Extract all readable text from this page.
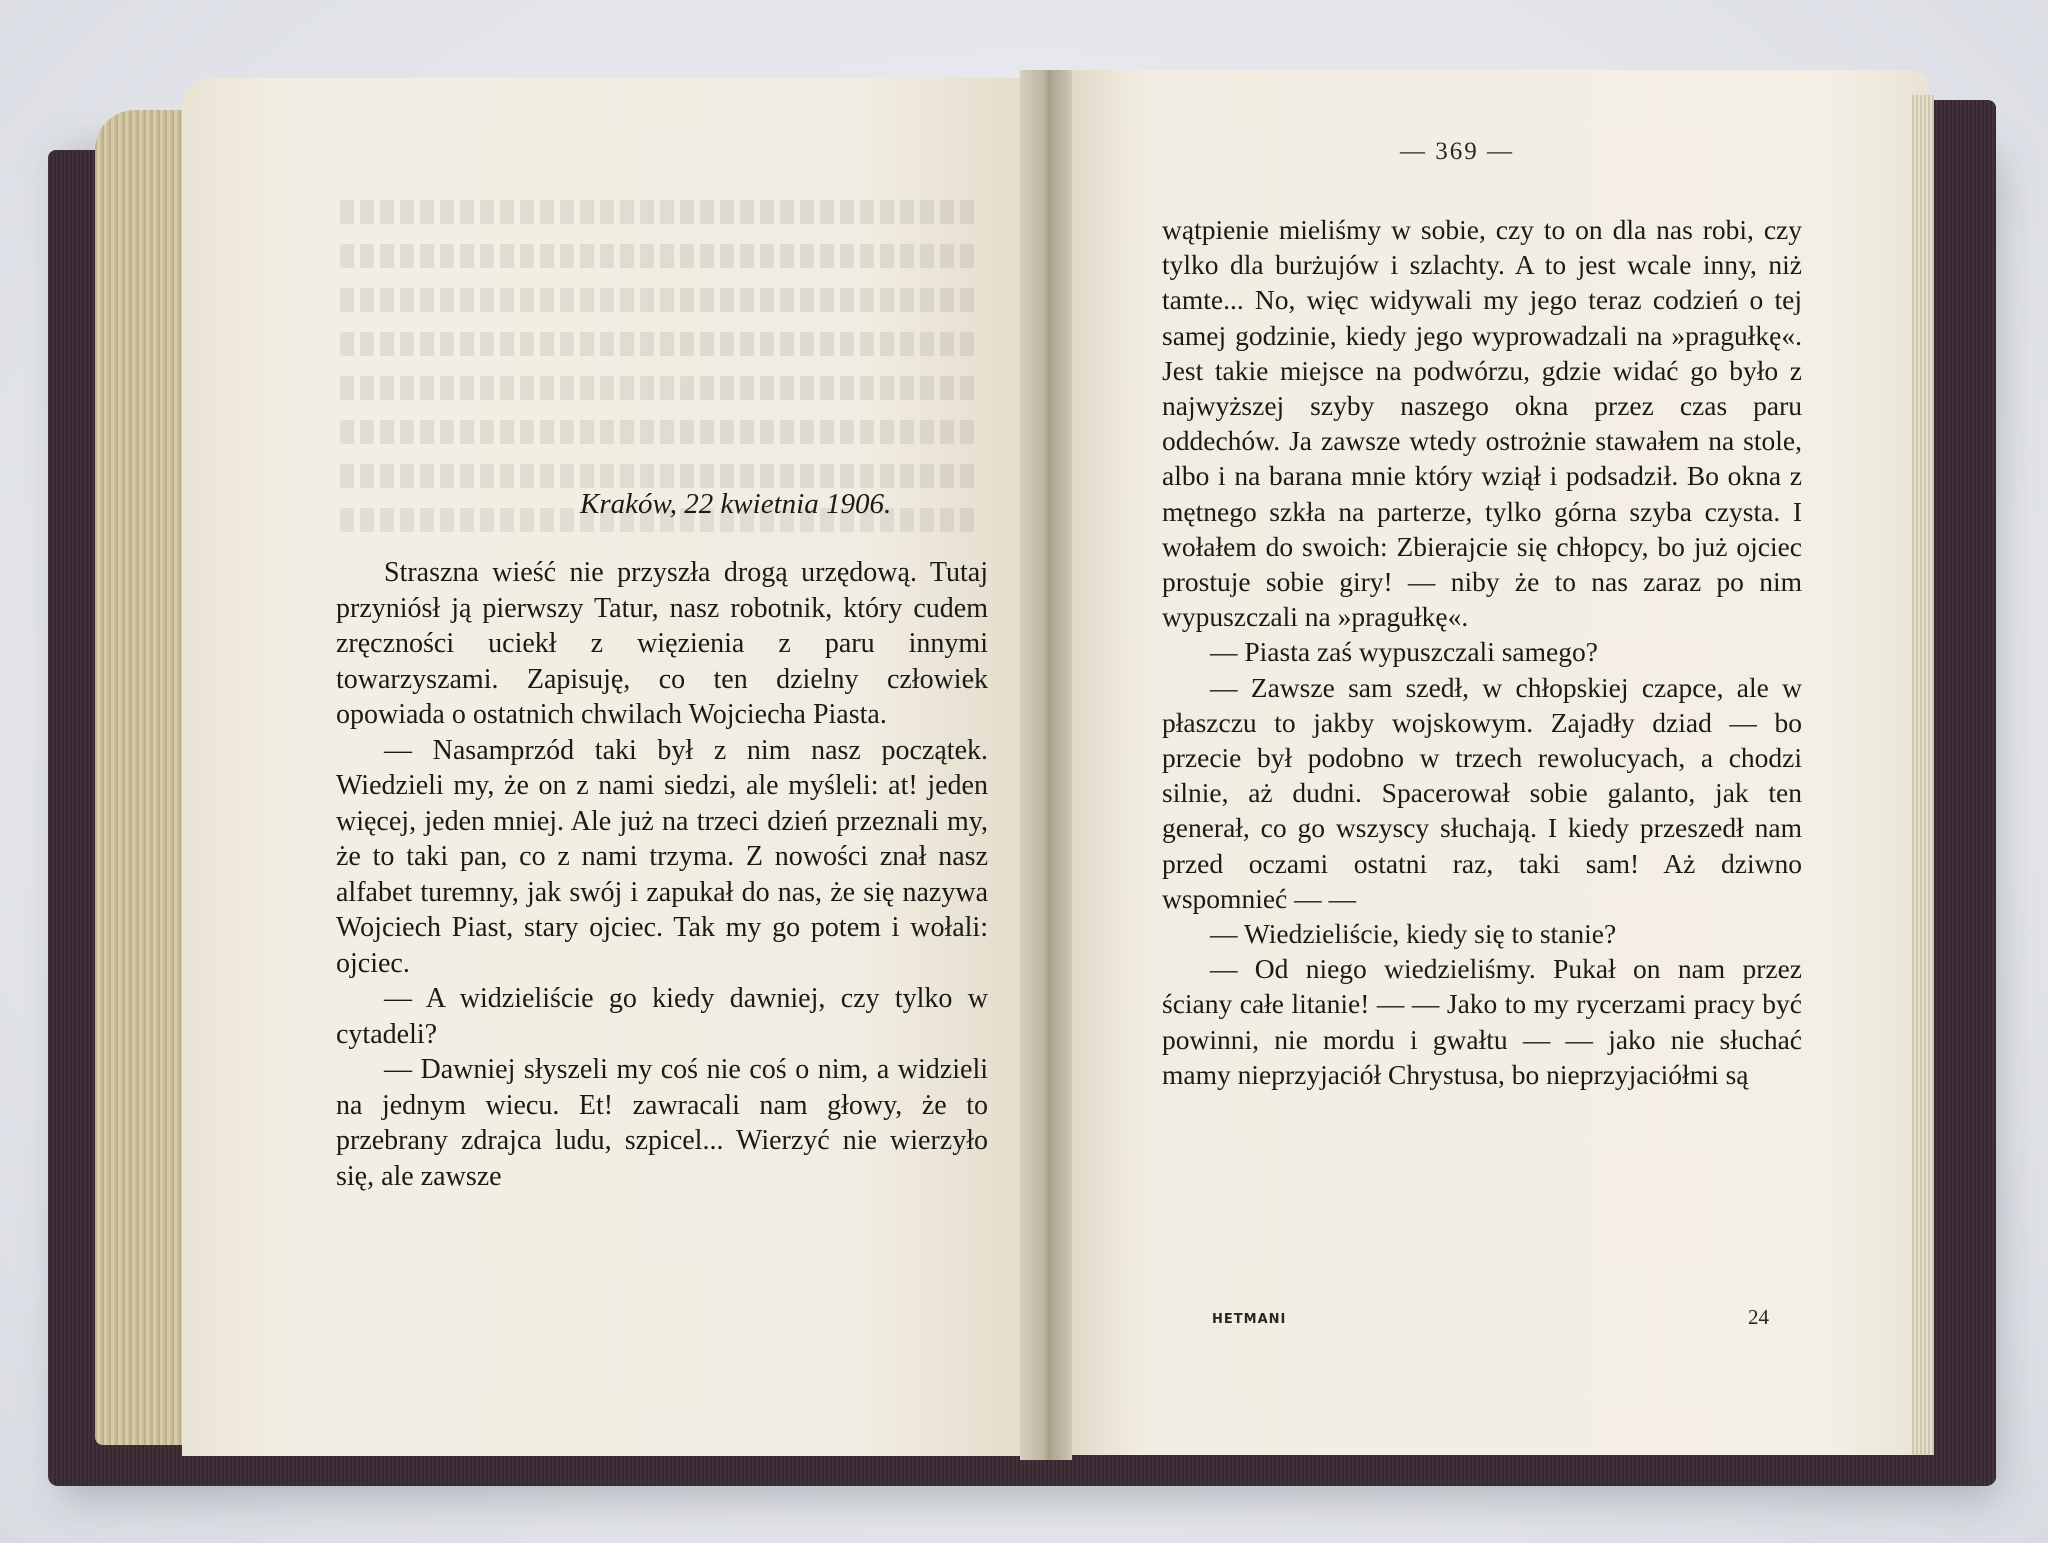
Kraków, 22 kwietnia 1906.

Straszna wieść nie przyszła drogą urzędową. Tutaj przyniósł ją pierwszy Tatur, nasz robotnik, który cudem zręczności uciekł z więzienia z paru innymi towarzyszami. Zapisuję, co ten dzielny człowiek opowiada o ostatnich chwilach Wojciecha Piasta.

— Nasamprzód taki był z nim nasz początek. Wiedzieli my, że on z nami siedzi, ale myśleli: at! jeden więcej, jeden mniej. Ale już na trzeci dzień przeznali my, że to taki pan, co z nami trzyma. Z nowości znał nasz alfabet turemny, jak swój i zapukał do nas, że się nazywa Wojciech Piast, stary ojciec. Tak my go potem i wołali: ojciec.

— A widzieliście go kiedy dawniej, czy tylko w cytadeli?

— Dawniej słyszeli my coś nie coś o nim, a widzieli na jednym wiecu. Et! zawracali nam głowy, że to przebrany zdrajca ludu, szpicel... Wierzyć nie wierzyło się, ale zawsze

— 369 —

wątpienie mieliśmy w sobie, czy to on dla nas robi, czy tylko dla burżujów i szlachty. A to jest wcale inny, niż tamte... No, więc widywali my jego teraz codzień o tej samej godzinie, kiedy jego wyprowadzali na »pragułkę«. Jest takie miejsce na podwórzu, gdzie widać go było z najwyższej szyby naszego okna przez czas paru oddechów. Ja zawsze wtedy ostrożnie stawałem na stole, albo i na barana mnie który wziął i podsadził. Bo okna z mętnego szkła na parterze, tylko górna szyba czysta. I wołałem do swoich: Zbierajcie się chłopcy, bo już ojciec prostuje sobie giry! — niby że to nas zaraz po nim wypuszczali na »pragułkę«.

— Piasta zaś wypuszczali samego?

— Zawsze sam szedł, w chłopskiej czapce, ale w płaszczu to jakby wojskowym. Zajadły dziad — bo przecie był podobno w trzech rewolucyach, a chodzi silnie, aż dudni. Spacerował sobie galanto, jak ten generał, co go wszyscy słuchają. I kiedy przeszedł nam przed oczami ostatni raz, taki sam! Aż dziwno wspomnieć — —

— Wiedzieliście, kiedy się to stanie?

— Od niego wiedzieliśmy. Pukał on nam przez ściany całe litanie! — — Jako to my rycerzami pracy być powinni, nie mordu i gwałtu — — jako nie słuchać mamy nieprzyjaciół Chrystusa, bo nieprzyjaciółmi są

HETMANI	24
